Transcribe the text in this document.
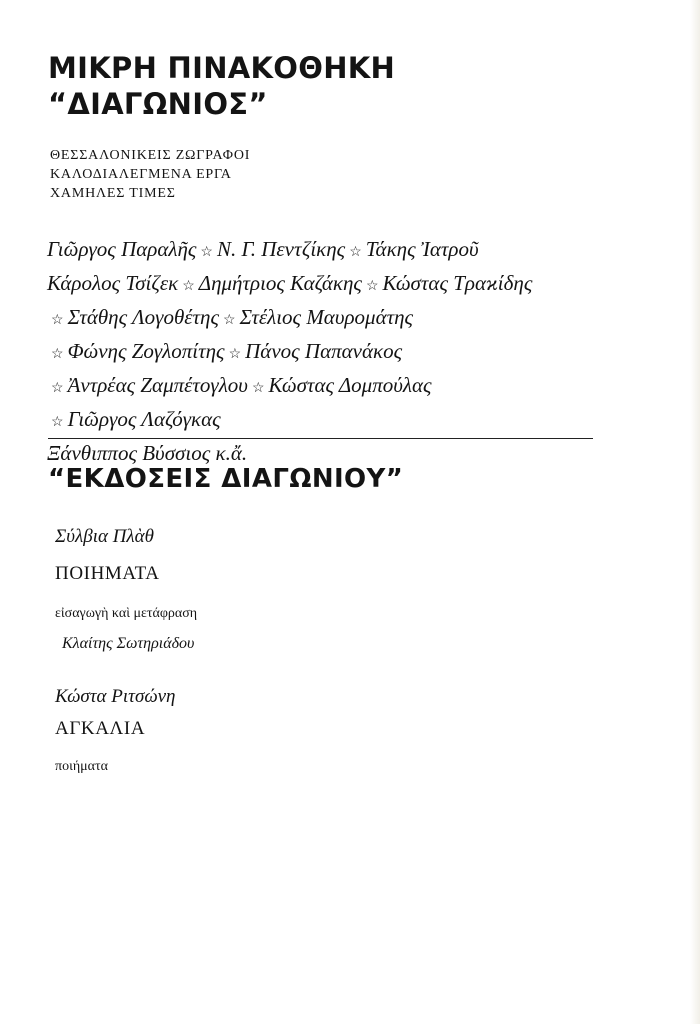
ΜΙΚΡΗ ΠΙΝΑΚΟΘΗΚΗ
“ΔΙΑΓΩΝΙΟΣ”
ΘΕΣΣΑΛΟΝΙΚΕΙΣ ΖΩΓΡΑΦΟΙ
ΚΑΛΟΔΙΑΛΕΓΜΕΝΑ ΕΡΓΑ
ΧΑΜΗΛΕΣ ΤΙΜΕΣ
Γιῶργος Παραλῆς ☆ Ν. Γ. Πεντζίκης ☆ Τάκης Ἰατροῦ
Κάρολος Τσίζεκ ☆ Δημήτριος Καζάκης ☆ Κώστας Τραϰίδης
☆ Στάθης Λογοθέτης ☆ Στέλιος Μαυρομάτης
☆ Φώνης Ζογλοπίτης ☆ Πάνος Παπανάκος
☆ Ἀντρέας Ζαμπέτογλου ☆ Κώστας Δομπούλας
☆ Γιῶργος Λαζόγκας
Ξάνθιππος Βύσσιος κ.ἄ.
“ΕΚΔΟΣΕΙΣ ΔΙΑΓΩΝΙΟΥ”
Σύλβια Πλὰθ
ΠΟΙΗΜΑΤΑ
εἰσαγωγὴ καὶ μετάφραση
Κλαίτης Σωτηριάδου
Κώστα Ριτσώνη
ΑΓΚΑΛΙΑ
ποιήματα
